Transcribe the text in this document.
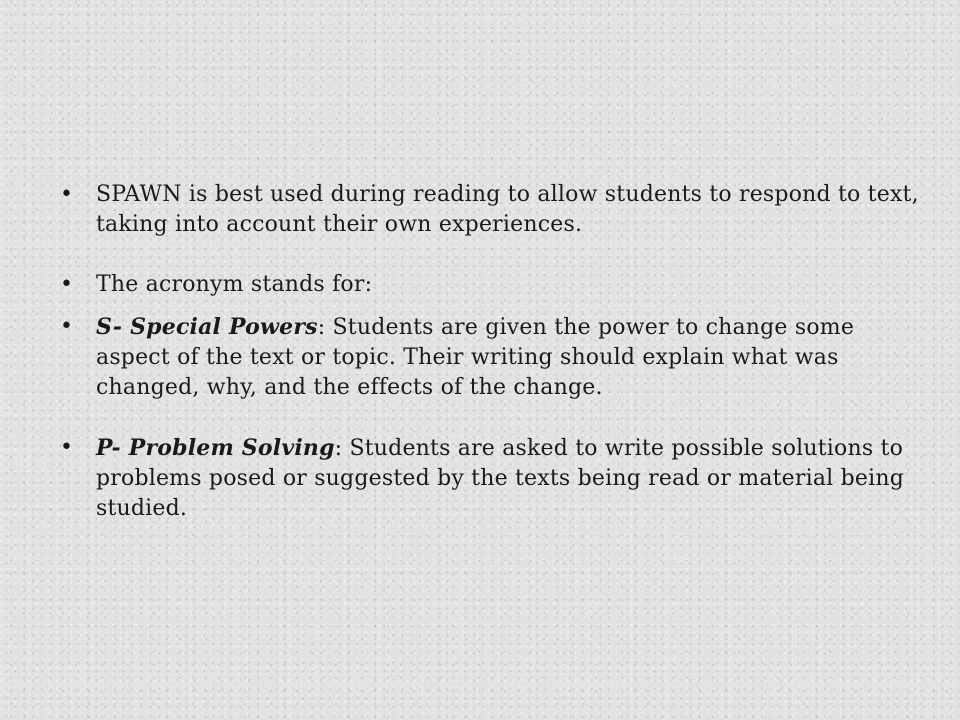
•	SPAWN is best used during reading to allow students to respond to text, taking into account their own experiences.
•	The acronym stands for:
•	S- Special Powers: Students are given the power to change some aspect of the text or topic. Their writing should explain what was changed, why, and the effects of the change.
•	P- Problem Solving: Students are asked to write possible solutions to problems posed or suggested by the texts being read or material being studied.
